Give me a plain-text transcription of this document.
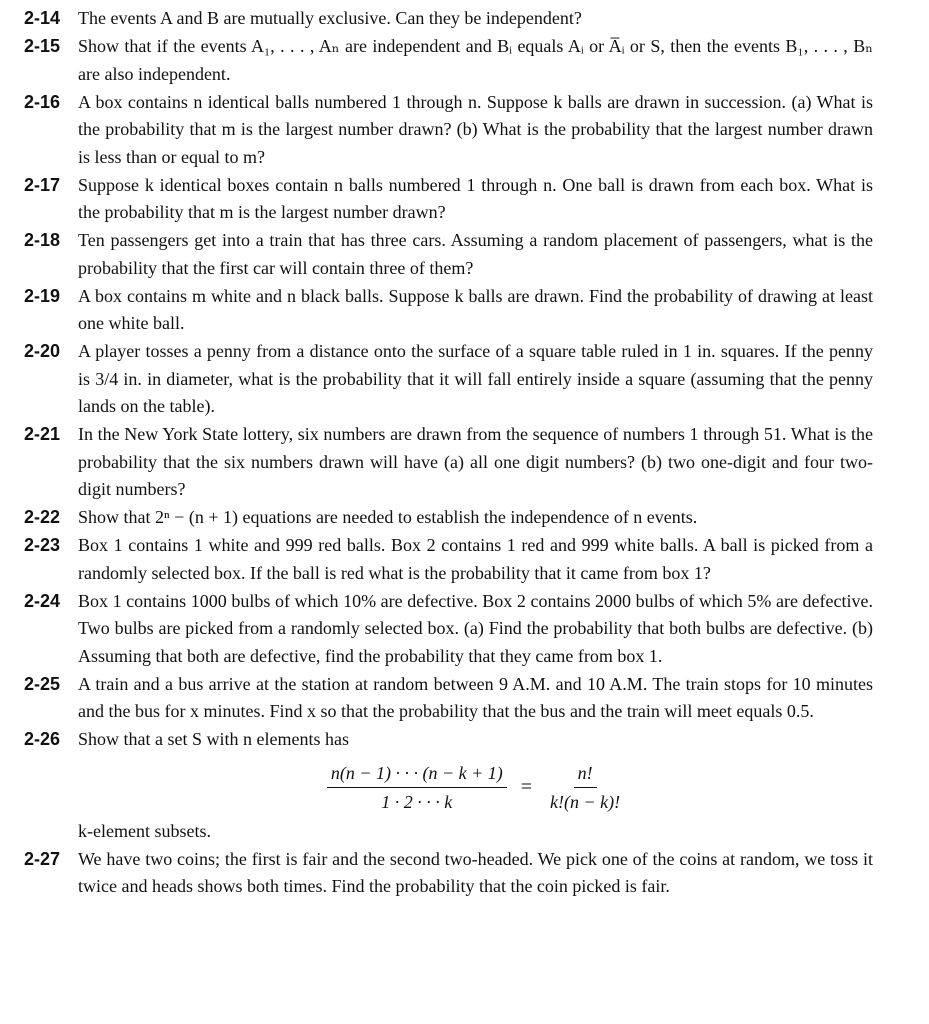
2-14 The events A and B are mutually exclusive. Can they be independent?
2-15 Show that if the events A₁, . . . , Aₙ are independent and Bᵢ equals Aᵢ or A̅ᵢ or S, then the events B₁, . . . , Bₙ are also independent.
2-16 A box contains n identical balls numbered 1 through n. Suppose k balls are drawn in succession. (a) What is the probability that m is the largest number drawn? (b) What is the probability that the largest number drawn is less than or equal to m?
2-17 Suppose k identical boxes contain n balls numbered 1 through n. One ball is drawn from each box. What is the probability that m is the largest number drawn?
2-18 Ten passengers get into a train that has three cars. Assuming a random placement of passengers, what is the probability that the first car will contain three of them?
2-19 A box contains m white and n black balls. Suppose k balls are drawn. Find the probability of drawing at least one white ball.
2-20 A player tosses a penny from a distance onto the surface of a square table ruled in 1 in. squares. If the penny is 3/4 in. in diameter, what is the probability that it will fall entirely inside a square (assuming that the penny lands on the table).
2-21 In the New York State lottery, six numbers are drawn from the sequence of numbers 1 through 51. What is the probability that the six numbers drawn will have (a) all one digit numbers? (b) two one-digit and four two-digit numbers?
2-22 Show that 2ⁿ − (n + 1) equations are needed to establish the independence of n events.
2-23 Box 1 contains 1 white and 999 red balls. Box 2 contains 1 red and 999 white balls. A ball is picked from a randomly selected box. If the ball is red what is the probability that it came from box 1?
2-24 Box 1 contains 1000 bulbs of which 10% are defective. Box 2 contains 2000 bulbs of which 5% are defective. Two bulbs are picked from a randomly selected box. (a) Find the probability that both bulbs are defective. (b) Assuming that both are defective, find the probability that they came from box 1.
2-25 A train and a bus arrive at the station at random between 9 A.M. and 10 A.M. The train stops for 10 minutes and the bus for x minutes. Find x so that the probability that the bus and the train will meet equals 0.5.
2-26 Show that a set S with n elements has
$\frac{n(n - 1) \cdot \cdot \cdot (n - k + 1)}{1 \cdot 2 \cdot \cdot \cdot k} = \frac{n!}{k!(n - k)!}$
k-element subsets.
2-27 We have two coins; the first is fair and the second two-headed. We pick one of the coins at random, we toss it twice and heads shows both times. Find the probability that the coin picked is fair.
